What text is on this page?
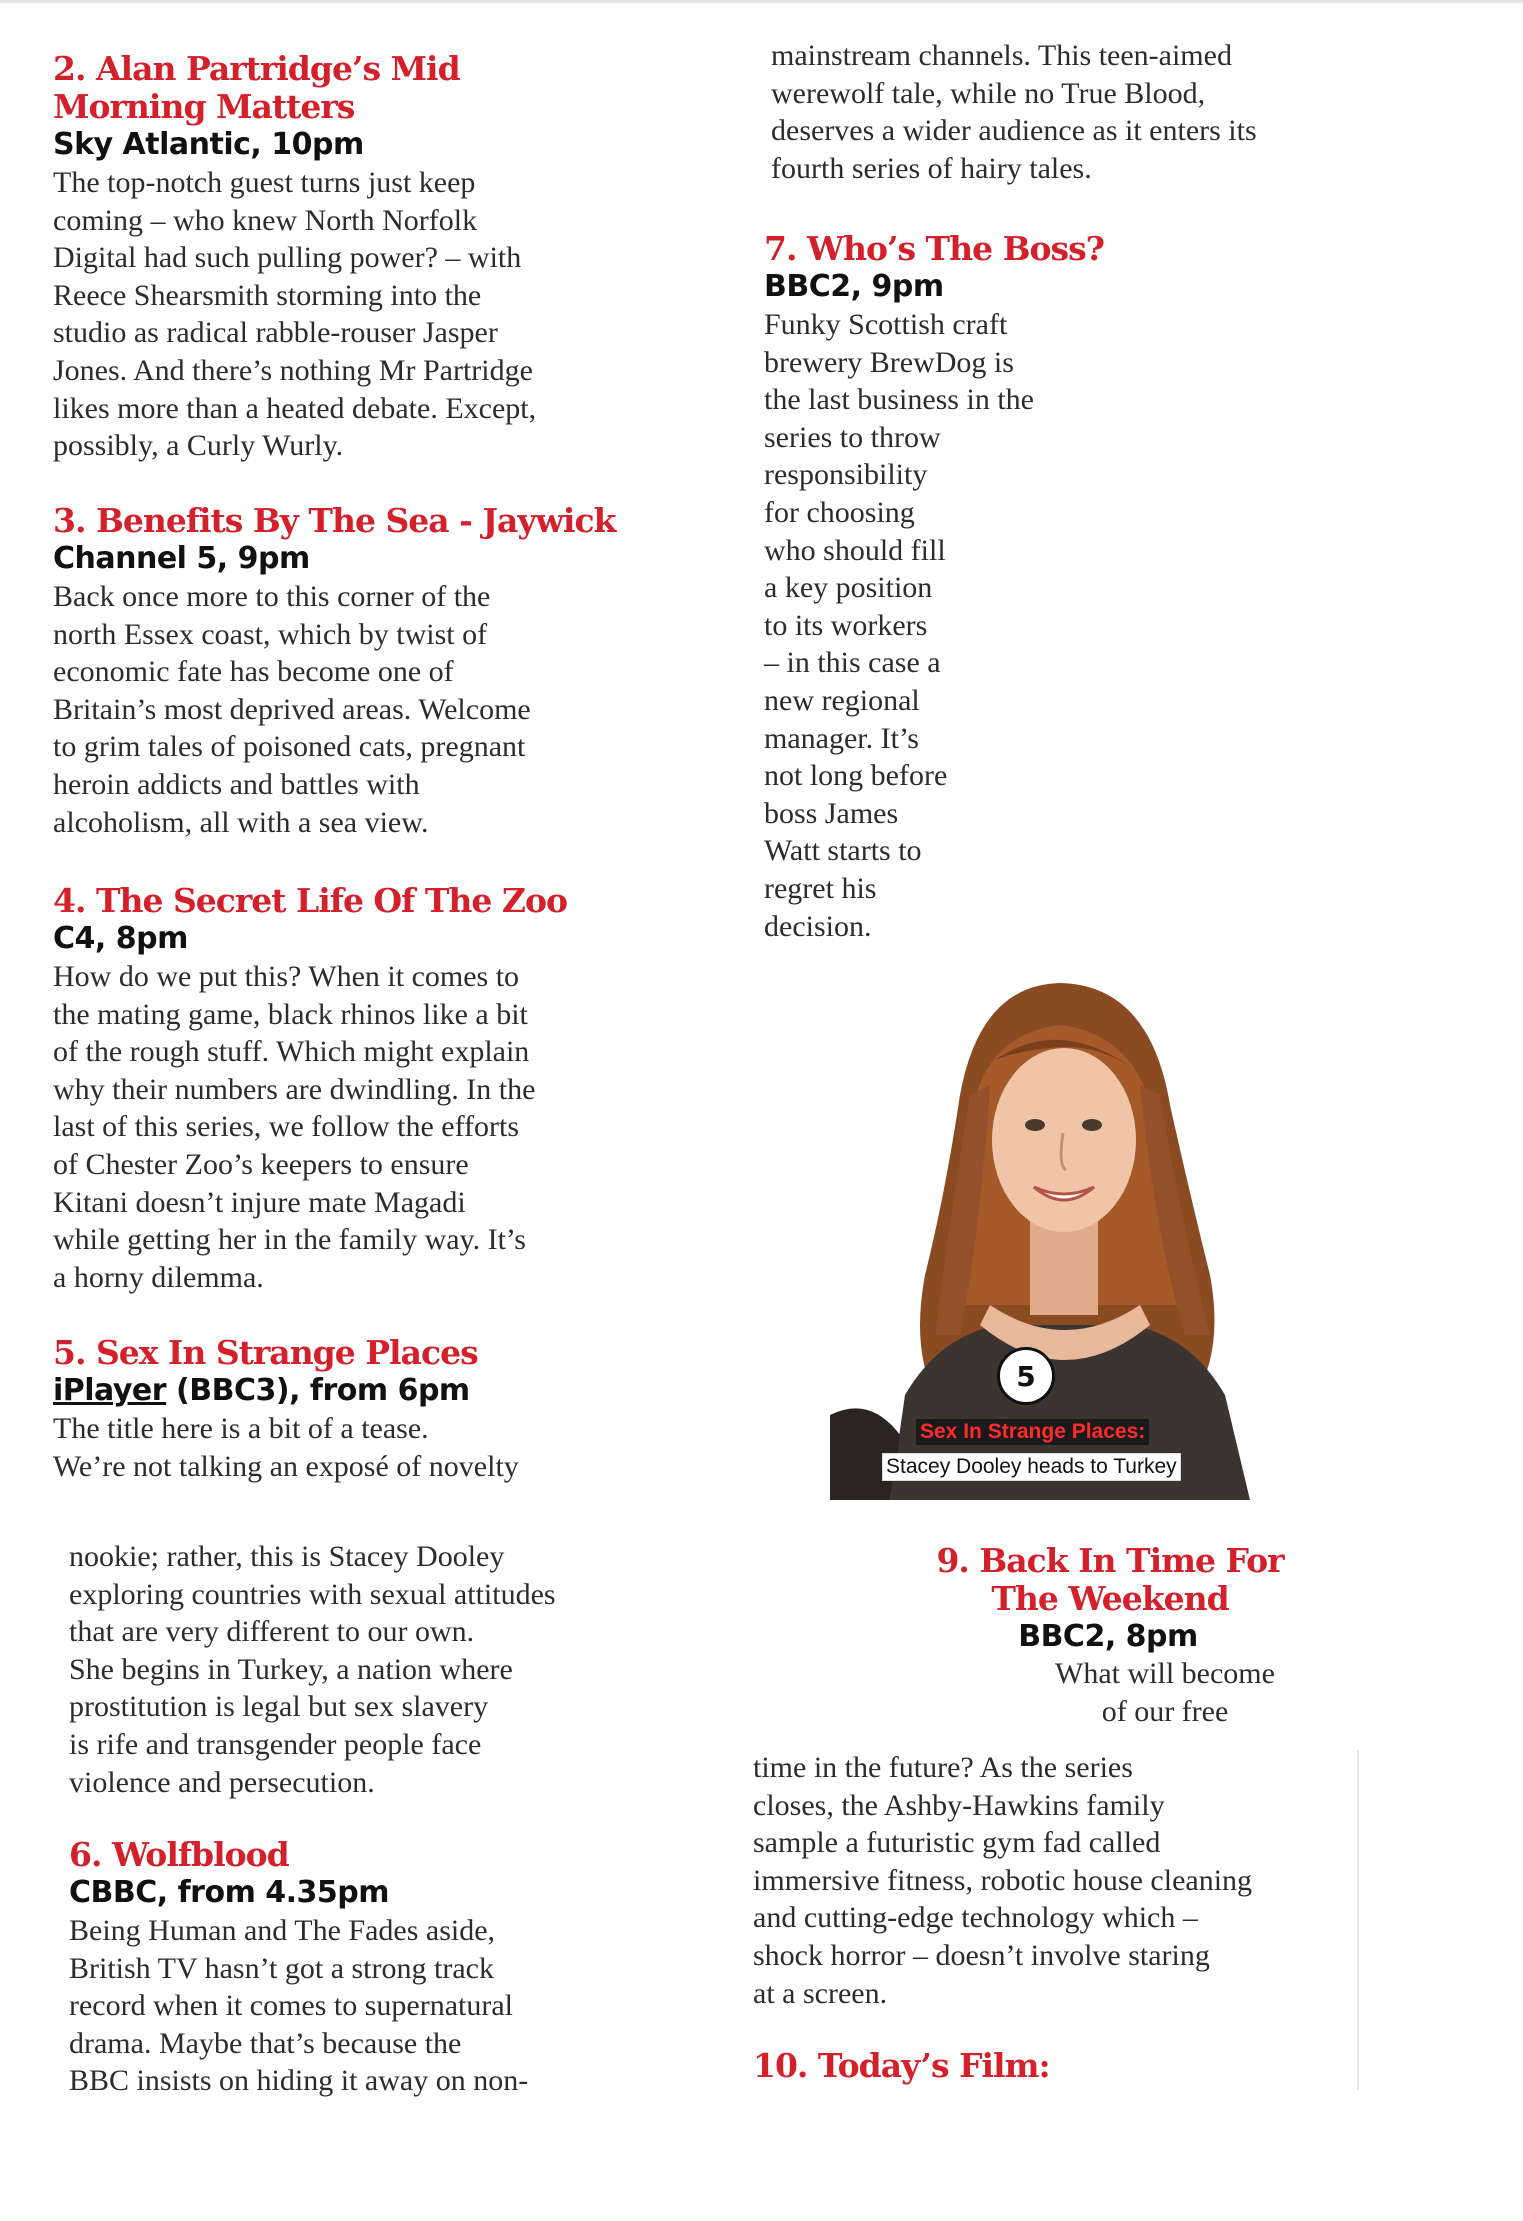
2. Alan Partridge’s Mid
Morning Matters
Sky Atlantic, 10pm
The top-notch guest turns just keep
coming – who knew North Norfolk
Digital had such pulling power? – with
Reece Shearsmith storming into the
studio as radical rabble-rouser Jasper
Jones. And there’s nothing Mr Partridge
likes more than a heated debate. Except,
possibly, a Curly Wurly.
3. Benefits By The Sea - Jaywick
Channel 5, 9pm
Back once more to this corner of the
north Essex coast, which by twist of
economic fate has become one of
Britain’s most deprived areas. Welcome
to grim tales of poisoned cats, pregnant
heroin addicts and battles with
alcoholism, all with a sea view.
4. The Secret Life Of The Zoo
C4, 8pm
How do we put this? When it comes to
the mating game, black rhinos like a bit
of the rough stuff. Which might explain
why their numbers are dwindling. In the
last of this series, we follow the efforts
of Chester Zoo’s keepers to ensure
Kitani doesn’t injure mate Magadi
while getting her in the family way. It’s
a horny dilemma.
5. Sex In Strange Places
iPlayer (BBC3), from 6pm
The title here is a bit of a tease.
We’re not talking an exposé of novelty
nookie; rather, this is Stacey Dooley
exploring countries with sexual attitudes
that are very different to our own.
She begins in Turkey, a nation where
prostitution is legal but sex slavery
is rife and transgender people face
violence and persecution.
6. Wolfblood
CBBC, from 4.35pm
Being Human and The Fades aside,
British TV hasn’t got a strong track
record when it comes to supernatural
drama. Maybe that’s because the
BBC insists on hiding it away on non-
mainstream channels. This teen-aimed
werewolf tale, while no True Blood,
deserves a wider audience as it enters its
fourth series of hairy tales.
7. Who’s The Boss?
BBC2, 9pm
Funky Scottish craft
brewery BrewDog is
the last business in the
series to throw
responsibility
for choosing
who should fill
a key position
to its workers
– in this case a
new regional
manager. It’s
not long before
boss James
Watt starts to
regret his
decision.
5
Sex In Strange Places:
Stacey Dooley heads to Turkey
9. Back In Time For
The Weekend
BBC2, 8pm
What will become
of our free
time in the future? As the series
closes, the Ashby-Hawkins family
sample a futuristic gym fad called
immersive fitness, robotic house cleaning
and cutting-edge technology which –
shock horror – doesn’t involve staring
at a screen.
10. Today’s Film:
